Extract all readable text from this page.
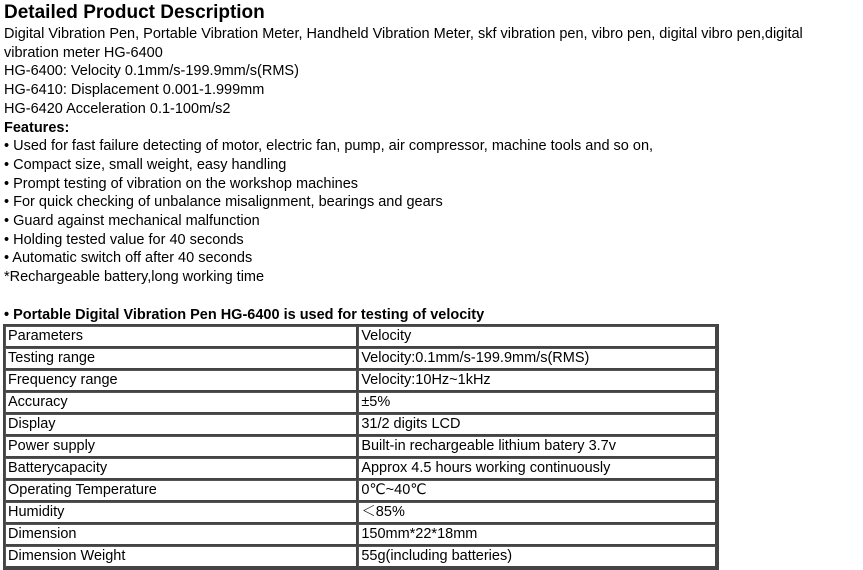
Detailed Product Description
Digital Vibration Pen, Portable Vibration Meter, Handheld Vibration Meter, skf vibration pen, vibro pen, digital vibro pen,digital vibration meter HG-6400
HG-6400: Velocity 0.1mm/s-199.9mm/s(RMS)
HG-6410: Displacement 0.001-1.999mm
HG-6420 Acceleration 0.1-100m/s2
Features:
• Used for fast failure detecting of motor, electric fan, pump, air compressor, machine tools and so on,
• Compact size, small weight, easy handling
• Prompt testing of vibration on the workshop machines
• For quick checking of unbalance misalignment, bearings and gears
• Guard against mechanical malfunction
• Holding tested value for 40 seconds
• Automatic switch off after 40 seconds
*Rechargeable battery,long working time
• Portable Digital Vibration Pen HG-6400 is used for testing of velocity
Parameters	Velocity
Testing range	Velocity:0.1mm/s-199.9mm/s(RMS)
Frequency range	Velocity:10Hz~1kHz
Accuracy	±5%
Display	31/2 digits LCD
Power supply	Built-in rechargeable lithium batery 3.7v
Batterycapacity	Approx 4.5 hours working continuously
Operating Temperature	0℃~40℃
Humidity	＜85%
Dimension	150mm*22*18mm
Dimension Weight	55g(including batteries)
